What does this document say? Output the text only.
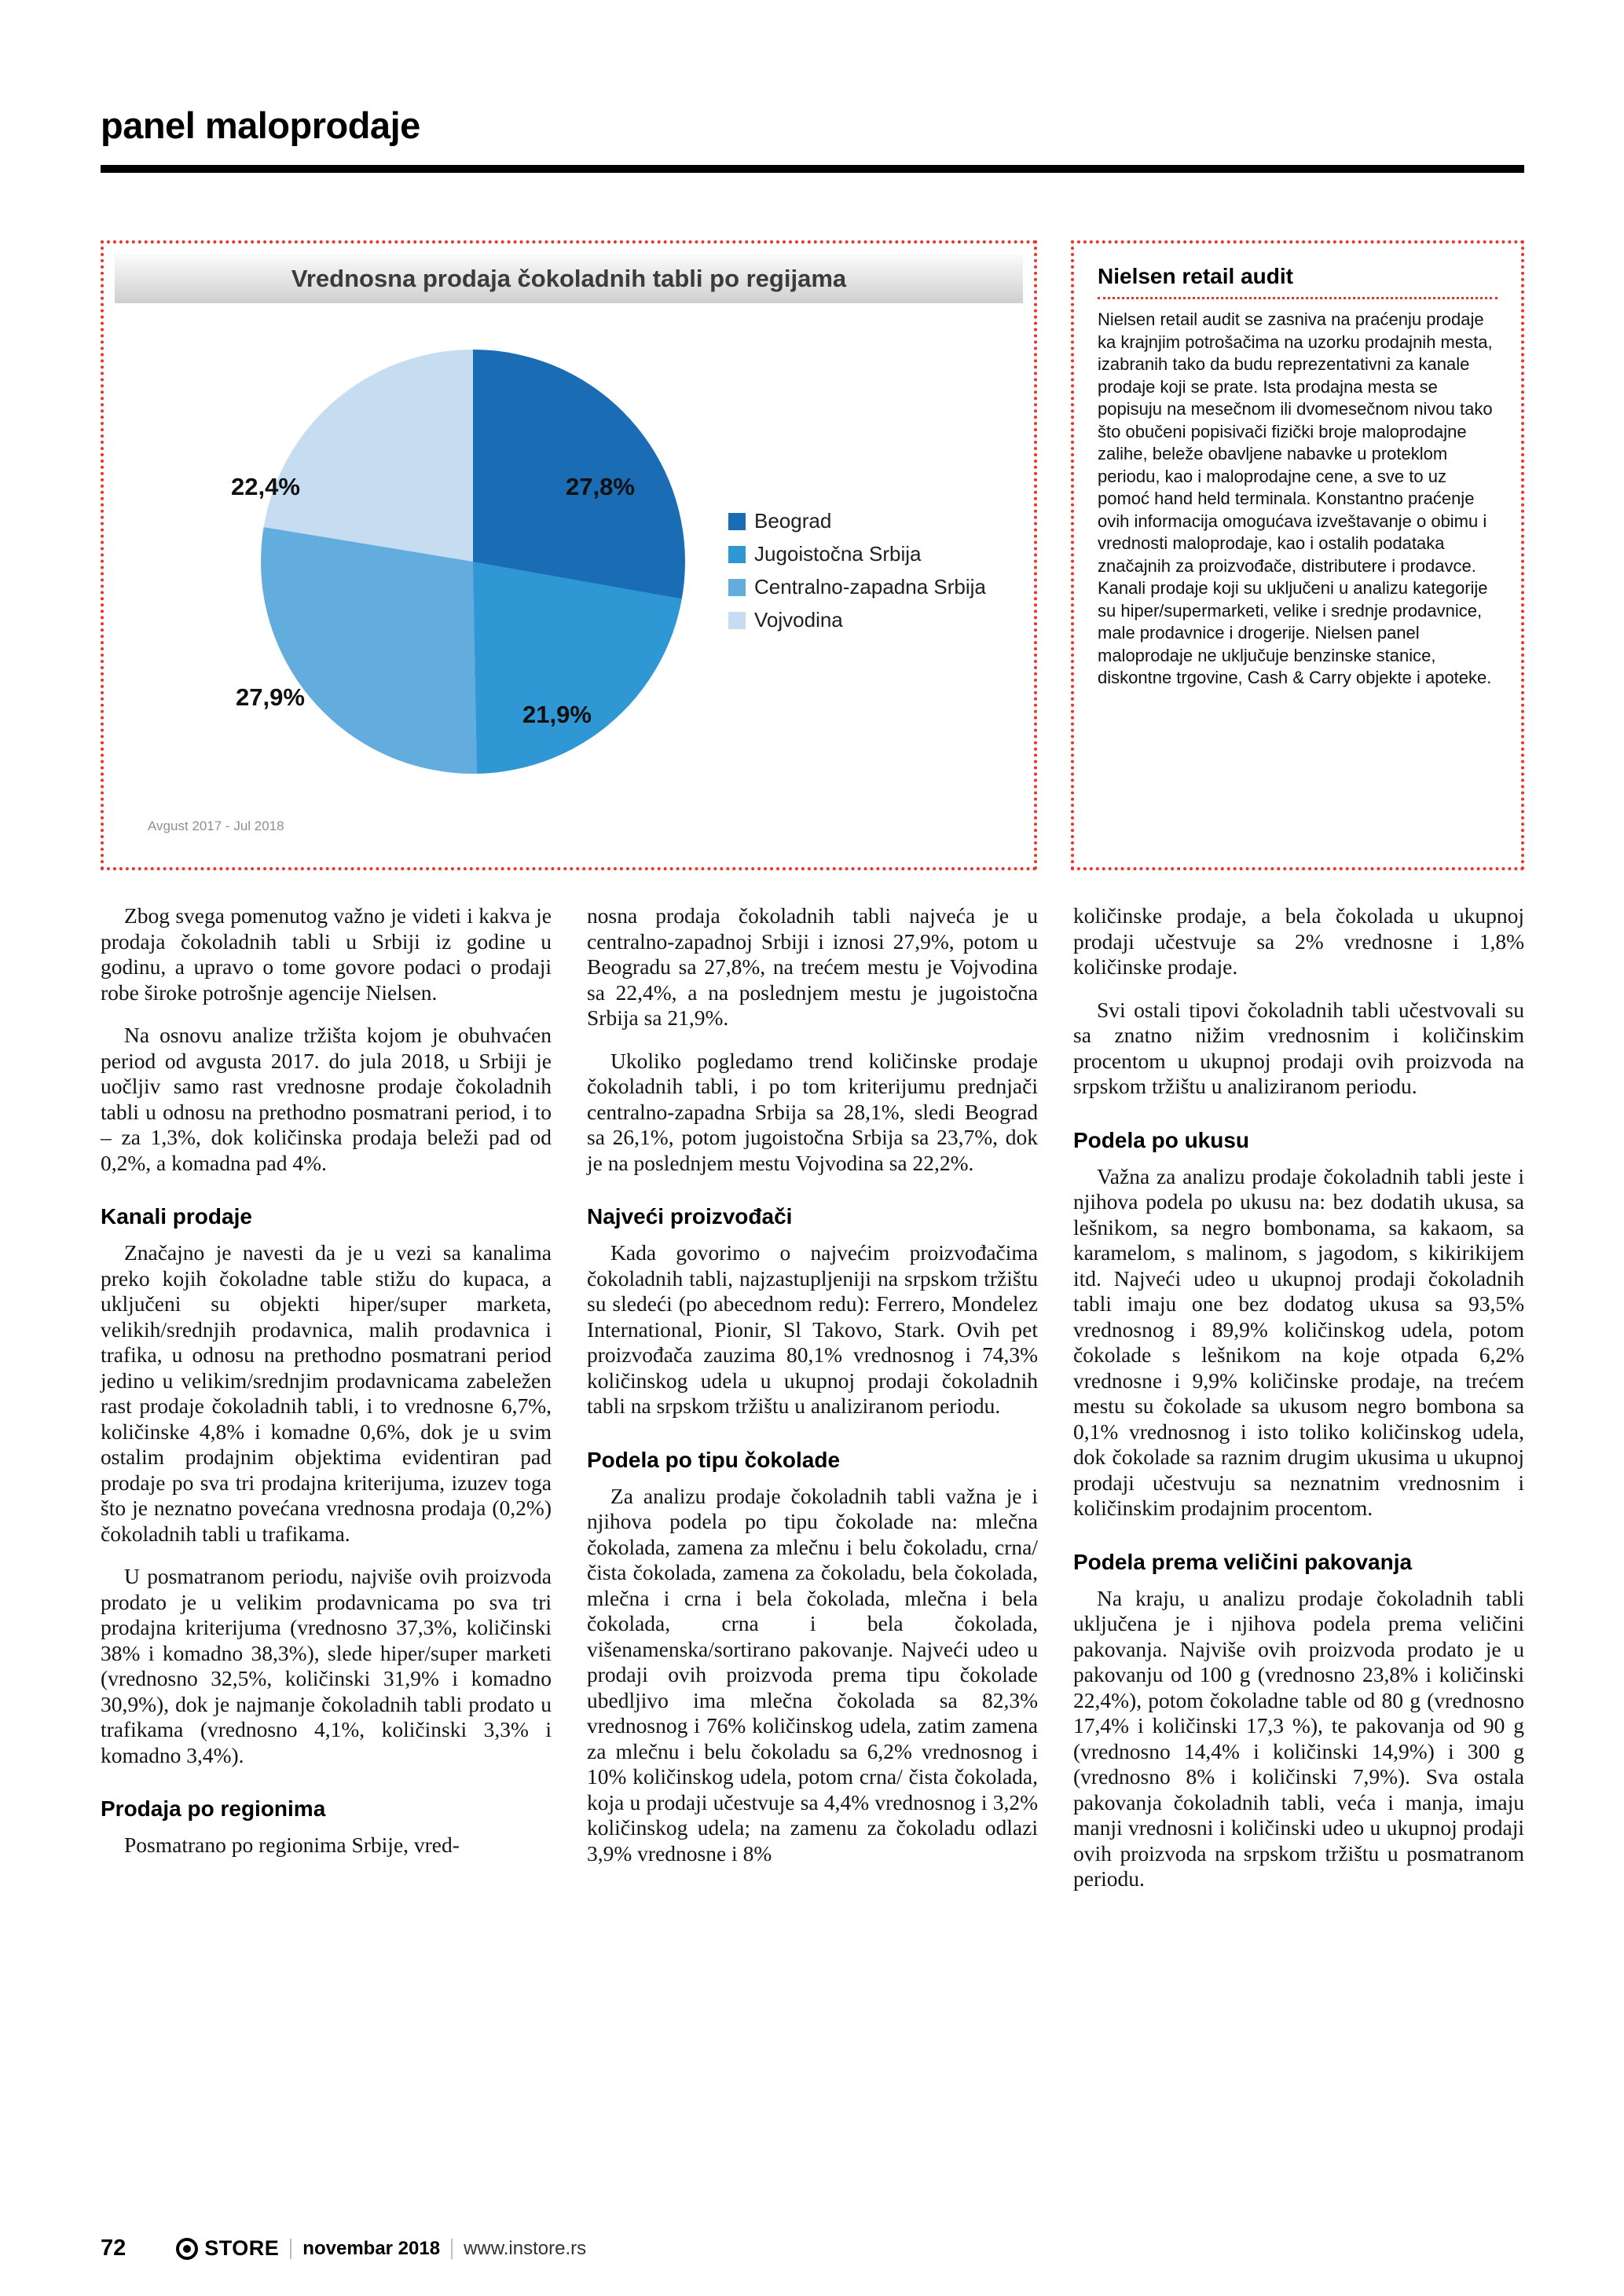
panel maloprodaje
Vrednosna prodaja čokoladnih tabli po regijama
27,8%
21,9%
27,9%
22,4%
Beograd
Jugoistočna Srbija
Centralno-zapadna Srbija
Vojvodina
Avgust 2017 - Jul 2018
Nielsen retail audit

Nielsen retail audit se zasniva na praćenju prodaje ka krajnjim potrošačima na uzorku prodajnih mesta, izabranih tako da budu reprezentativni za kanale prodaje koji se prate. Ista prodajna mesta se popisuju na mesečnom ili dvomesečnom nivou tako što obučeni popisivači fizički broje maloprodajne zalihe, beleže obavljene nabavke u proteklom periodu, kao i maloprodajne cene, a sve to uz pomoć hand held terminala. Konstantno praćenje ovih informacija omogućava izveštavanje o obimu i vrednosti maloprodaje, kao i ostalih podataka značajnih za proizvođače, distributere i prodavce.

Kanali prodaje koji su uključeni u analizu kategorije su hiper/supermarketi, velike i srednje prodavnice, male prodavnice i drogerije. Nielsen panel maloprodaje ne uključuje benzinske stanice, diskontne trgovine, Cash & Carry objekte i apoteke.

Zbog svega pomenutog važno je videti i kakva je prodaja čokoladnih tabli u Srbiji iz godine u godinu, a upravo o tome govore podaci o prodaji robe široke potrošnje agencije Nielsen.

Na osnovu analize tržišta kojom je obuhvaćen period od avgusta 2017. do jula 2018, u Srbiji je uočljiv samo rast vrednosne prodaje čokoladnih tabli u odnosu na prethodno posmatrani period, i to – za 1,3%, dok količinska prodaja beleži pad od 0,2%, a komadna pad 4%.

Kanali prodaje

Značajno je navesti da je u vezi sa kanalima preko kojih čokoladne table stižu do kupaca, a uključeni su objekti hiper/super marketa, velikih/srednjih prodavnica, malih prodavnica i trafika, u odnosu na prethodno posmatrani period jedino u velikim/srednjim prodavnicama zabeležen rast prodaje čokoladnih tabli, i to vrednosne 6,7%, količinske 4,8% i komadne 0,6%, dok je u svim ostalim prodajnim objektima evidentiran pad prodaje po sva tri prodajna kriterijuma, izuzev toga što je neznatno povećana vrednosna prodaja (0,2%) čokoladnih tabli u trafikama.

U posmatranom periodu, najviše ovih proizvoda prodato je u velikim prodavnicama po sva tri prodajna kriterijuma (vrednosno 37,3%, količinski 38% i komadno 38,3%), slede hiper/super marketi (vrednosno 32,5%, količinski 31,9% i komadno 30,9%), dok je najmanje čokoladnih tabli prodato u trafikama (vrednosno 4,1%, količinski 3,3% i komadno 3,4%).

Prodaja po regionima

Posmatrano po regionima Srbije, vred-

nosna prodaja čokoladnih tabli najveća je u centralno-zapadnoj Srbiji i iznosi 27,9%, potom u Beogradu sa 27,8%, na trećem mestu je Vojvodina sa 22,4%, a na poslednjem mestu je jugoistočna Srbija sa 21,9%.

Ukoliko pogledamo trend količinske prodaje čokoladnih tabli, i po tom kriterijumu prednjači centralno-zapadna Srbija sa 28,1%, sledi Beograd sa 26,1%, potom jugoistočna Srbija sa 23,7%, dok je na poslednjem mestu Vojvodina sa 22,2%.

Najveći proizvođači

Kada govorimo o najvećim proizvođačima čokoladnih tabli, najzastupljeniji na srpskom tržištu su sledeći (po abecednom redu): Ferrero, Mondelez International, Pionir, Sl Takovo, Stark. Ovih pet proizvođača zauzima 80,1% vrednosnog i 74,3% količinskog udela u ukupnoj prodaji čokoladnih tabli na srpskom tržištu u analiziranom periodu.

Podela po tipu čokolade

Za analizu prodaje čokoladnih tabli važna je i njihova podela po tipu čokolade na: mlečna čokolada, zamena za mlečnu i belu čokoladu, crna/čista čokolada, zamena za čokoladu, bela čokolada, mlečna i crna i bela čokolada, mlečna i bela čokolada, crna i bela čokolada, višenamenska/sortirano pakovanje. Najveći udeo u prodaji ovih proizvoda prema tipu čokolade ubedljivo ima mlečna čokolada sa 82,3% vrednosnog i 76% količinskog udela, zatim zamena za mlečnu i belu čokoladu sa 6,2% vrednosnog i 10% količinskog udela, potom crna/ čista čokolada, koja u prodaji učestvuje sa 4,4% vrednosnog i 3,2% količinskog udela; na zamenu za čokoladu odlazi 3,9% vrednosne i 8%

količinske prodaje, a bela čokolada u ukupnoj prodaji učestvuje sa 2% vrednosne i 1,8% količinske prodaje.

Svi ostali tipovi čokoladnih tabli učestvovali su sa znatno nižim vrednosnim i količinskim procentom u ukupnoj prodaji ovih proizvoda na srpskom tržištu u analiziranom periodu.

Podela po ukusu

Važna za analizu prodaje čokoladnih tabli jeste i njihova podela po ukusu na: bez dodatih ukusa, sa lešnikom, sa negro bombonama, sa kakaom, sa karamelom, s malinom, s jagodom, s kikirikijem itd. Najveći udeo u ukupnoj prodaji čokoladnih tabli imaju one bez dodatog ukusa sa 93,5% vrednosnog i 89,9% količinskog udela, potom čokolade s lešnikom na koje otpada 6,2% vrednosne i 9,9% količinske prodaje, na trećem mestu su čokolade sa ukusom negro bombona sa 0,1% vrednosnog i isto toliko količinskog udela, dok čokolade sa raznim drugim ukusima u ukupnoj prodaji učestvuju sa neznatnim vrednosnim i količinskim prodajnim procentom.

Podela prema veličini pakovanja

Na kraju, u analizu prodaje čokoladnih tabli uključena je i njihova podela prema veličini pakovanja. Najviše ovih proizvoda prodato je u pakovanju od 100 g (vrednosno 23,8% i količinski 22,4%), potom čokoladne table od 80 g (vrednosno 17,4% i količinski 17,3 %), te pakovanja od 90 g (vrednosno 14,4% i količinski 14,9%) i 300 g (vrednosno 8% i količinski 7,9%). Sva ostala pakovanja čokoladnih tabli, veća i manja, imaju manji vrednosni i količinski udeo u ukupnoj prodaji ovih proizvoda na srpskom tržištu u posmatranom periodu.

72	STORE novembar 2018 www.instore.rs
